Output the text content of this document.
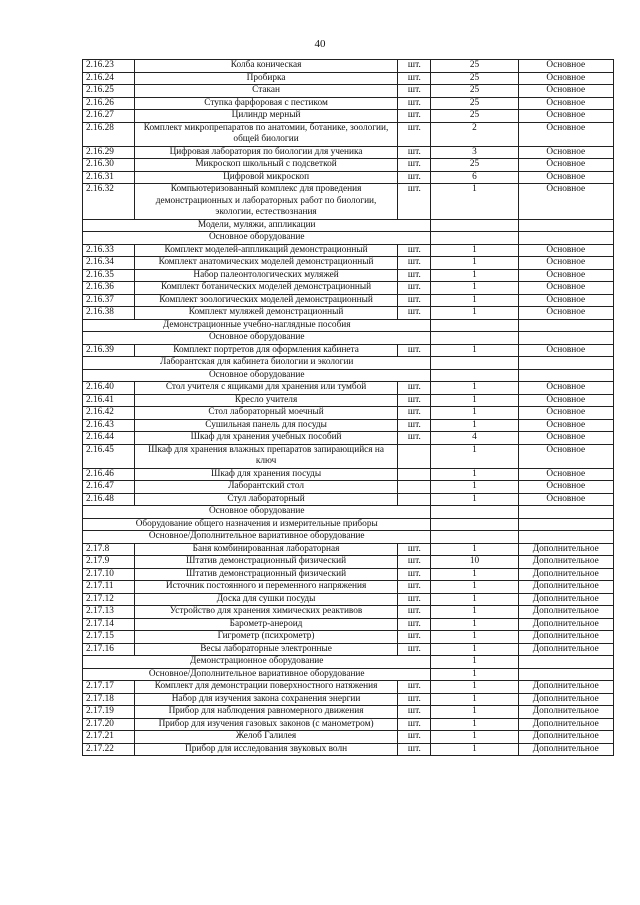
40
2.16.23	Колба коническая	шт.	25	Основное
2.16.24	Пробирка	шт.	25	Основное
2.16.25	Стакан	шт.	25	Основное
2.16.26	Ступка фарфоровая с пестиком	шт.	25	Основное
2.16.27	Цилиндр мерный	шт.	25	Основное
2.16.28	Комплект микропрепаратов по анатомии, ботанике, зоологии, общей биологии	шт.	2	Основное
2.16.29	Цифровая лаборатория по биологии для ученика	шт.	3	Основное
2.16.30	Микроскоп школьный с подсветкой	шт.	25	Основное
2.16.31	Цифровой микроскоп	шт.	6	Основное
2.16.32	Компьютеризованный комплекс для проведения демонстрационных и лабораторных работ по биологии, экологии, естествознания	шт.	1	Основное
Модели, муляжи, аппликации				
Основное оборудование				
2.16.33	Комплект моделей-аппликаций демонстрационный	шт.	1	Основное
2.16.34	Комплект анатомических моделей демонстрационный	шт.	1	Основное
2.16.35	Набор палеонтологических муляжей	шт.	1	Основное
2.16.36	Комплект ботанических моделей демонстрационный	шт.	1	Основное
2.16.37	Комплект зоологических моделей демонстрационный	шт.	1	Основное
2.16.38	Комплект муляжей демонстрационный	шт.	1	Основное
Демонстрационные учебно-наглядные пособия				
Основное оборудование				
2.16.39	Комплект портретов для оформления кабинета	шт.	1	Основное
Лаборантская для кабинета биологии и экологии				
Основное оборудование				
2.16.40	Стол учителя с ящиками для хранения или тумбой	шт.	1	Основное
2.16.41	Кресло учителя	шт.	1	Основное
2.16.42	Стол лабораторный моечный	шт.	1	Основное
2.16.43	Сушильная панель для посуды	шт.	1	Основное
2.16.44	Шкаф для хранения учебных пособий	шт.	4	Основное
2.16.45	Шкаф для хранения влажных препаратов запирающийся на ключ		1	Основное
2.16.46	Шкаф для хранения посуды		1	Основное
2.16.47	Лаборантский стол		1	Основное
2.16.48	Стул лабораторный		1	Основное
Основное оборудование				
Оборудование общего назначения и измерительные приборы				
Основное/Дополнительное вариативное оборудование				
2.17.8	Баня комбинированная лабораторная	шт.	1	Дополнительное
2.17.9	Штатив демонстрационный физический	шт.	10	Дополнительное
2.17.10	Штатив демонстрационный физический	шт.	1	Дополнительное
2.17.11	Источник постоянного и переменного напряжения	шт.	1	Дополнительное
2.17.12	Доска для сушки посуды	шт.	1	Дополнительное
2.17.13	Устройство для хранения химических реактивов	шт.	1	Дополнительное
2.17.14	Барометр-анероид	шт.	1	Дополнительное
2.17.15	Гигрометр (психрометр)	шт.	1	Дополнительное
2.17.16	Весы лабораторные электронные	шт.	1	Дополнительное
Демонстрационное оборудование			1	
Основное/Дополнительное вариативное оборудование			1	
2.17.17	Комплект для демонстрации поверхностного натяжения	шт.	1	Дополнительное
2.17.18	Набор для изучения закона сохранения энергии	шт.	1	Дополнительное
2.17.19	Прибор для наблюдения равномерного движения	шт.	1	Дополнительное
2.17.20	Прибор для изучения газовых законов (с манометром)	шт.	1	Дополнительное
2.17.21	Желоб Галилея	шт.	1	Дополнительное
2.17.22	Прибор для исследования звуковых волн	шт.	1	Дополнительное
